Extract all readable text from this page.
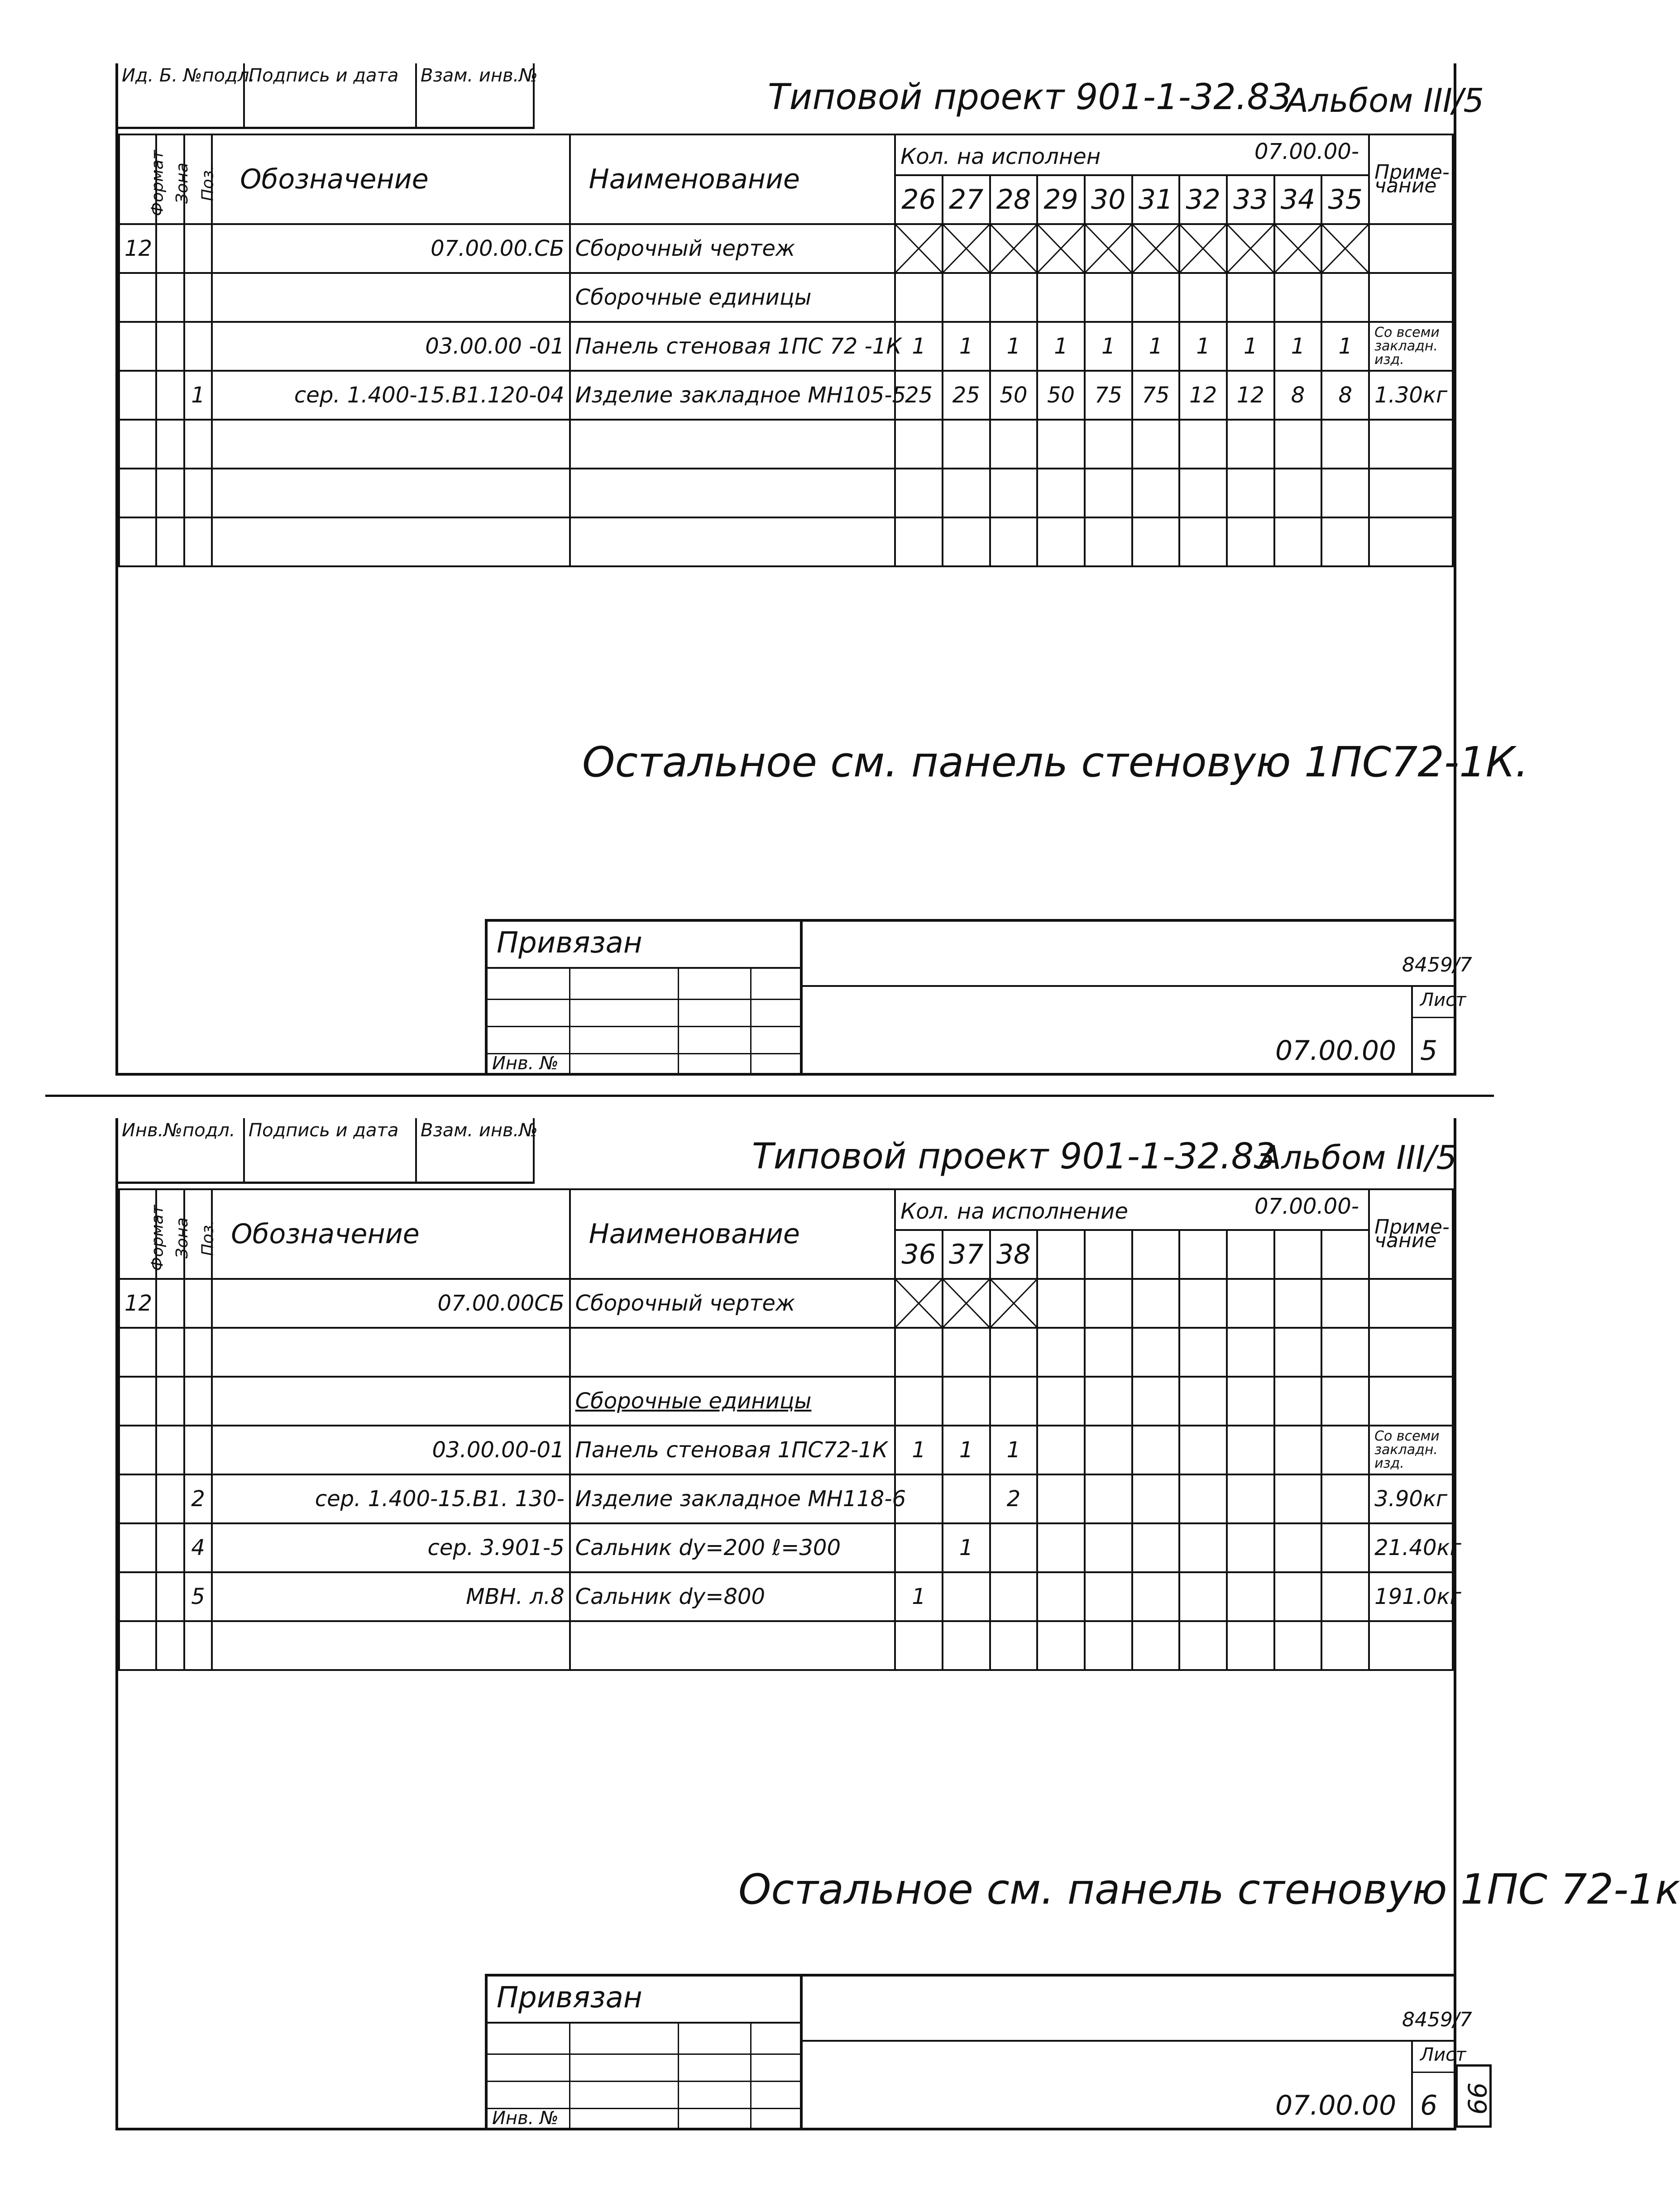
Ид. Б. №подл.
Подпись и дата	Взам. инв.№
Типовой проект 901-1-32.83
Альбом III/5
Формат	Зона	Поз.	Обозначение	Наименование	Кол. на исполнен 07.00.00-										Приме-чание
					26	27	28	29	30	31	32	33	34	35	
12			07.00.00.СБ	Сборочный чертеж	

				Сборочные единицы											
			03.00.00 -01	Панель стеновая 1ПС 72 -1К	1	1	1	1	1	1	1	1	1	1	Со всеми закладн. изд.
		1	сер. 1.400-15.В1.120-04	Изделие закладное МН105-5	25	25	50	50	75	75	12	12	8	8	1.30кг

Остальное см. панель стеновую 1ПС72-1К.
Привязан
Инв. №
8459/7
Лист
5
07.00.00
Инв.№подл. Подпись и дата	Взам. инв.№
Типовой проект 901-1-32.83
Альбом III/5
Формат	Зона	Поз.	Обозначение	Наименование	Кол. на исполнение 07.00.00-										Приме-чание
					36	37	38								
12			07.00.00СБ	Сборочный чертеж	

				Сборочные единицы											
			03.00.00-01	Панель стеновая 1ПС72-1К	1	1	1								Со всеми закладн. изд.
		2	сер. 1.400-15.В1. 130-	Изделие закладное МН118-6			2								3.90кг
		4	сер. 3.901-5	Сальник dу=200 ℓ=300		1									21.40кг
		5	МВН. л.8	Сальник dу=800	1										191.0кг

Остальное см. панель стеновую 1ПС 72-1к
Привязан
Инв. №
8459/7
Лист
6
07.00.00	99
